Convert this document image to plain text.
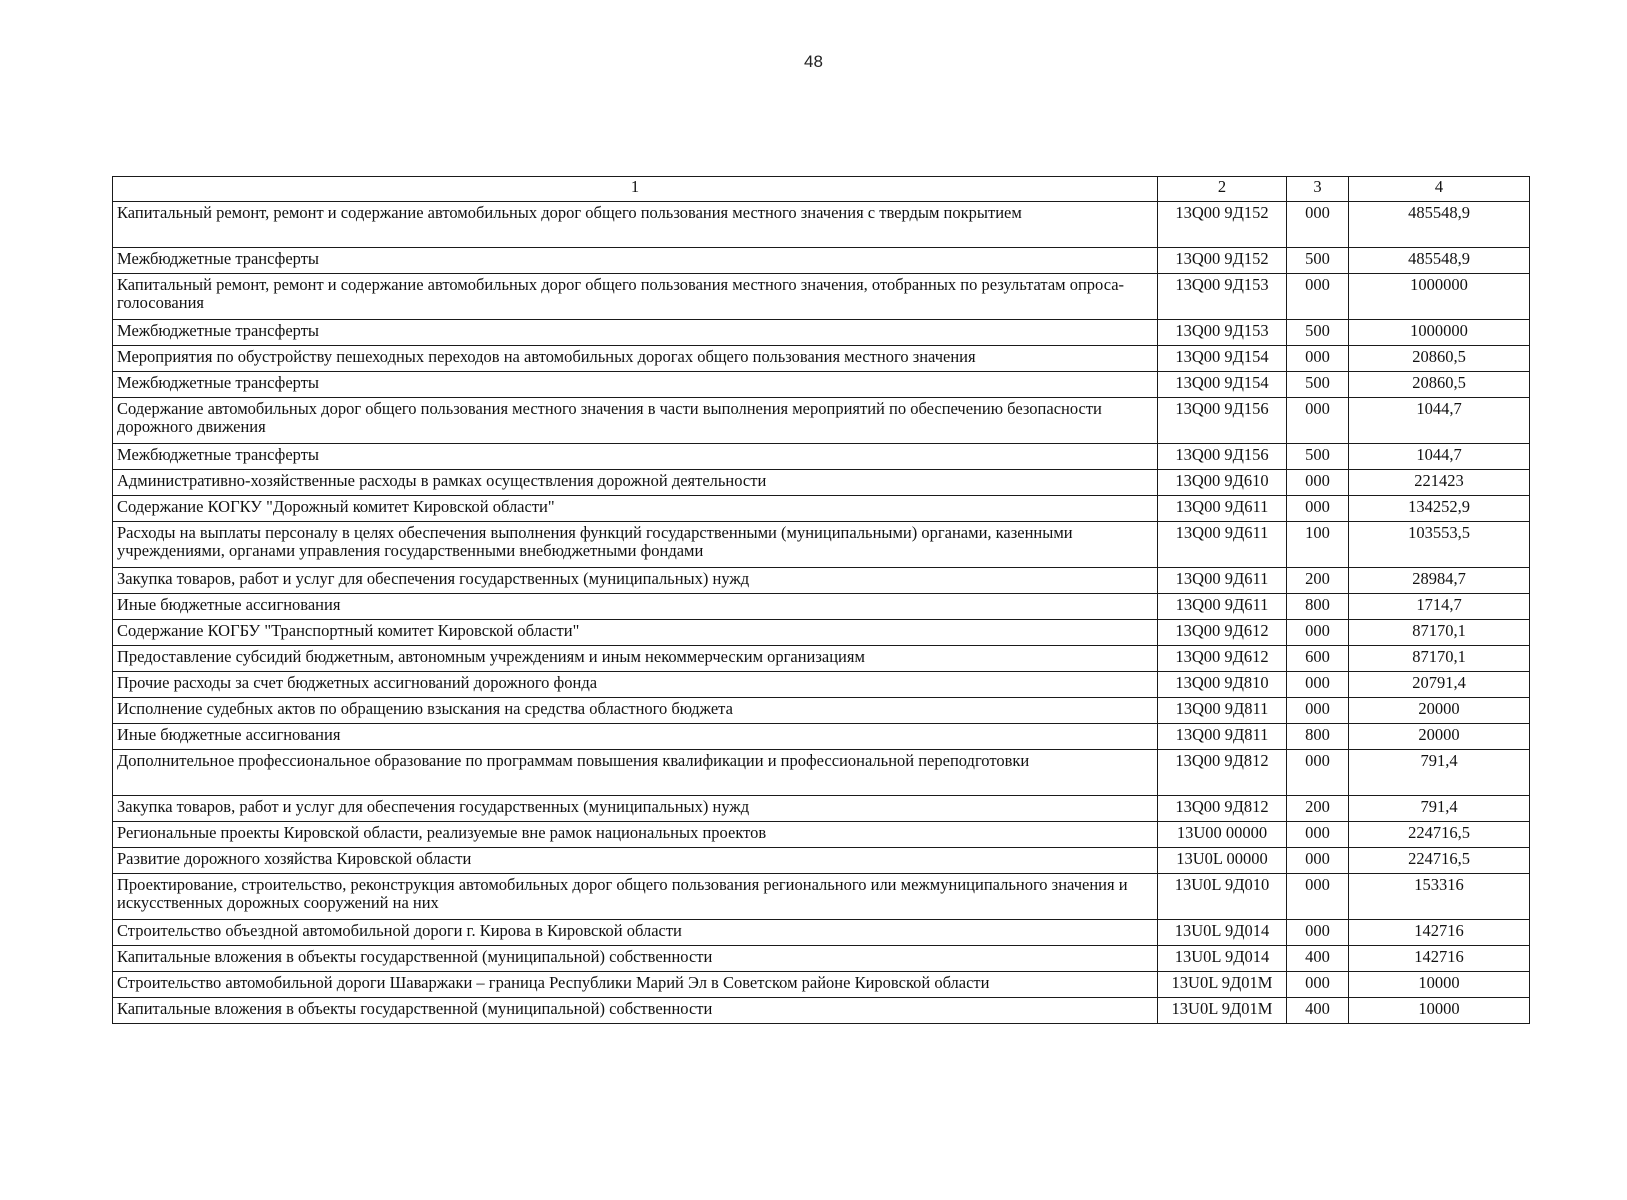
48
1	2	3	4
Капитальный ремонт, ремонт и содержание автомобильных дорог общего пользования местного значения с твердым покрытием	13Q00 9Д152	000	485548,9
Межбюджетные трансферты	13Q00 9Д152	500	485548,9
Капитальный ремонт, ремонт и содержание автомобильных дорог общего пользования местного значения, отобранных по результатам опроса-голосования	13Q00 9Д153	000	1000000
Межбюджетные трансферты	13Q00 9Д153	500	1000000
Мероприятия по обустройству пешеходных переходов на автомобильных дорогах общего пользования местного значения	13Q00 9Д154	000	20860,5
Межбюджетные трансферты	13Q00 9Д154	500	20860,5
Содержание автомобильных дорог общего пользования местного значения в части выполнения мероприятий по обеспечению безопасности дорожного движения	13Q00 9Д156	000	1044,7
Межбюджетные трансферты	13Q00 9Д156	500	1044,7
Административно-хозяйственные расходы в рамках осуществления дорожной деятельности	13Q00 9Д610	000	221423
Содержание КОГКУ "Дорожный комитет Кировской области"	13Q00 9Д611	000	134252,9
Расходы на выплаты персоналу в целях обеспечения выполнения функций государственными (муниципальными) органами, казенными учреждениями, органами управления государственными внебюджетными фондами	13Q00 9Д611	100	103553,5
Закупка товаров, работ и услуг для обеспечения государственных (муниципальных) нужд	13Q00 9Д611	200	28984,7
Иные бюджетные ассигнования	13Q00 9Д611	800	1714,7
Содержание КОГБУ "Транспортный комитет Кировской области"	13Q00 9Д612	000	87170,1
Предоставление субсидий бюджетным, автономным учреждениям и иным некоммерческим организациям	13Q00 9Д612	600	87170,1
Прочие расходы за счет бюджетных ассигнований дорожного фонда	13Q00 9Д810	000	20791,4
Исполнение судебных актов по обращению взыскания на средства областного бюджета	13Q00 9Д811	000	20000
Иные бюджетные ассигнования	13Q00 9Д811	800	20000
Дополнительное профессиональное образование по программам повышения квалификации и профессиональной переподготовки	13Q00 9Д812	000	791,4
Закупка товаров, работ и услуг для обеспечения государственных (муниципальных) нужд	13Q00 9Д812	200	791,4
Региональные проекты Кировской области, реализуемые вне рамок национальных проектов	13U00 00000	000	224716,5
Развитие дорожного хозяйства Кировской области	13U0L 00000	000	224716,5
Проектирование, строительство, реконструкция автомобильных дорог общего пользования регионального или межмуниципального значения и искусственных дорожных сооружений на них	13U0L 9Д010	000	153316
Строительство объездной автомобильной дороги г. Кирова в Кировской области	13U0L 9Д014	000	142716
Капитальные вложения в объекты государственной (муниципальной) собственности	13U0L 9Д014	400	142716
Строительство автомобильной дороги Шаваржаки – граница Республики Марий Эл в Советском районе Кировской области	13U0L 9Д01М	000	10000
Капитальные вложения в объекты государственной (муниципальной) собственности	13U0L 9Д01М	400	10000
